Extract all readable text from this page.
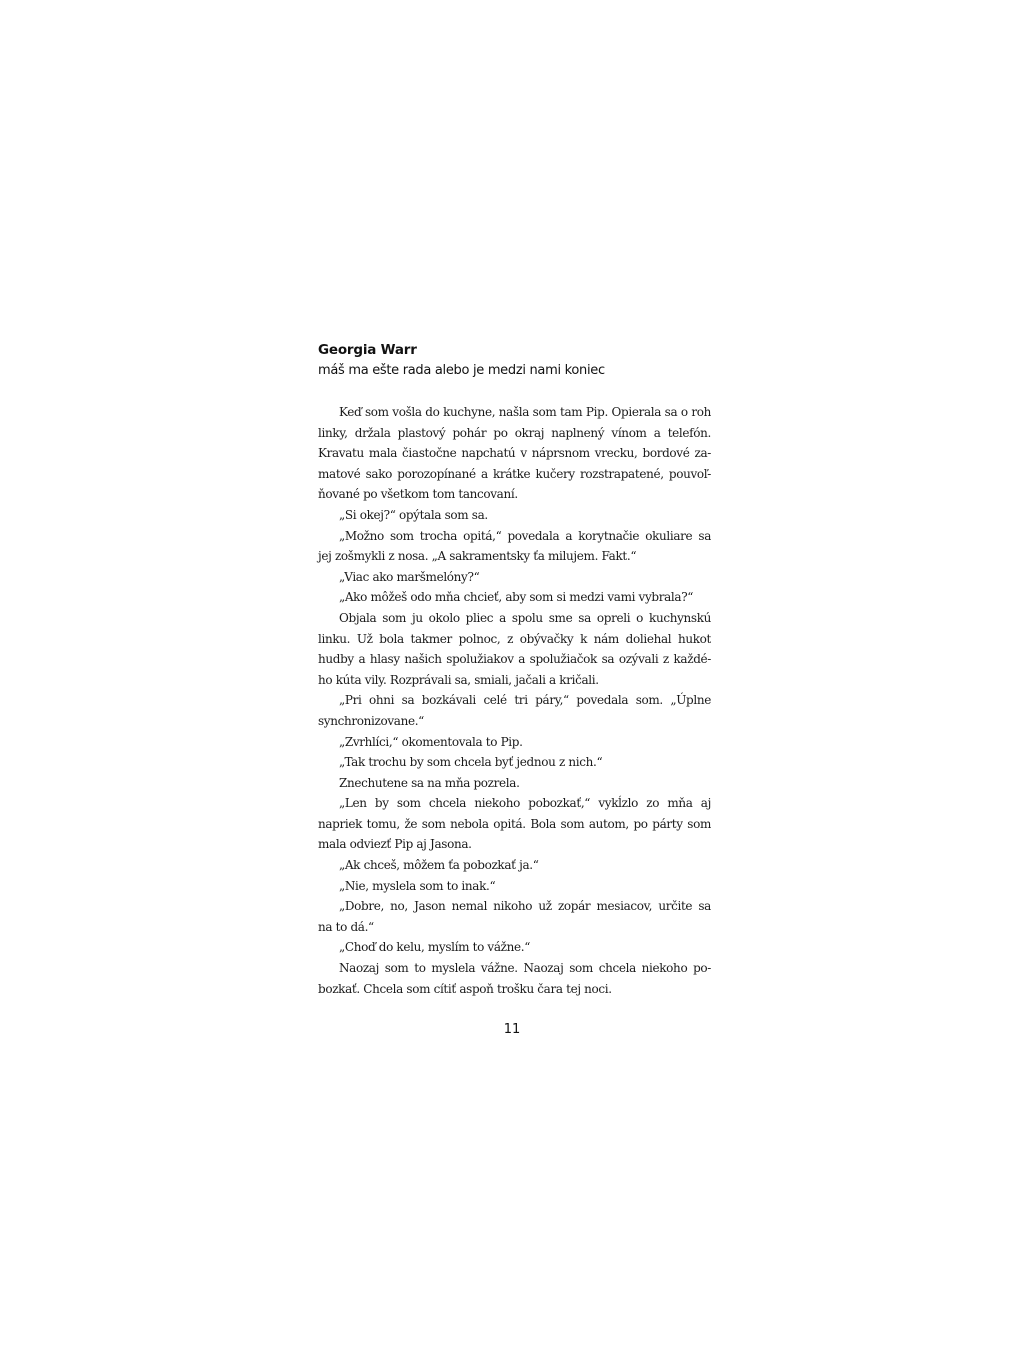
Georgia Warr
máš ma ešte rada alebo je medzi nami koniec
Keď som vošla do kuchyne, našla som tam Pip. Opierala sa o roh
linky, držala plastový pohár po okraj naplnený vínom a telefón.
Kravatu mala čiastočne napchatú v náprsnom vrecku, bordové za-
matové sako porozopínané a krátke kučery rozstrapatené, pouvoľ-
ňované po všetkom tom tancovaní.
„Si okej?“ opýtala som sa.
„Možno som trocha opitá,“ povedala a korytnačie okuliare sa
jej zošmykli z nosa. „A sakramentsky ťa milujem. Fakt.“
„Viac ako maršmelóny?“
„Ako môžeš odo mňa chcieť, aby som si medzi vami vybrala?“
Objala som ju okolo pliec a spolu sme sa opreli o kuchynskú
linku. Už bola takmer polnoc, z obývačky k nám doliehal hukot
hudby a hlasy našich spolužiakov a spolužiačok sa ozývali z každé-
ho kúta vily. Rozprávali sa, smiali, jačali a kričali.
„Pri ohni sa bozkávali celé tri páry,“ povedala som. „Úplne
synchronizovane.“
„Zvrhlíci,“ okomentovala to Pip.
„Tak trochu by som chcela byť jednou z nich.“
Znechutene sa na mňa pozrela.
„Len by som chcela niekoho pobozkať,“ vykĺzlo zo mňa aj
napriek tomu, že som nebola opitá. Bola som autom, po párty som
mala odviezť Pip aj Jasona.
„Ak chceš, môžem ťa pobozkať ja.“
„Nie, myslela som to inak.“
„Dobre, no, Jason nemal nikoho už zopár mesiacov, určite sa
na to dá.“
„Choď do kelu, myslím to vážne.“
Naozaj som to myslela vážne. Naozaj som chcela niekoho po-
bozkať. Chcela som cítiť aspoň trošku čara tej noci.
11
